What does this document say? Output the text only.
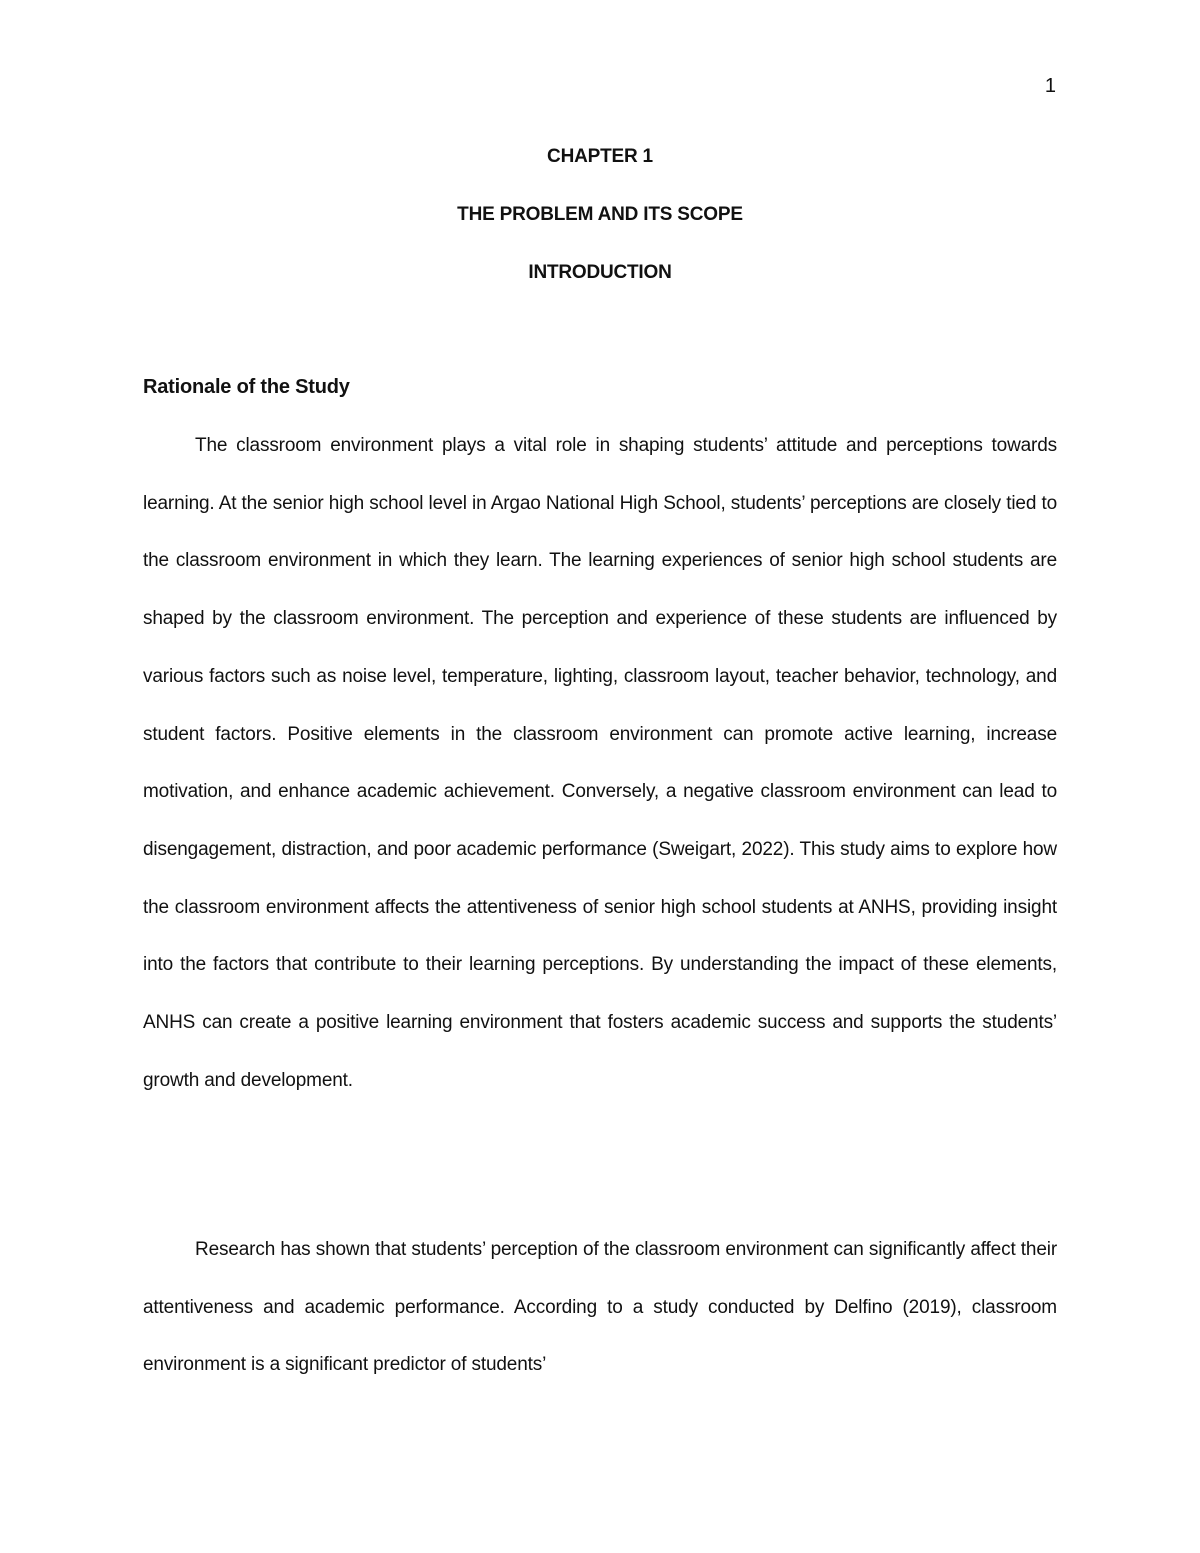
1
CHAPTER 1
THE PROBLEM AND ITS SCOPE
INTRODUCTION
Rationale of the Study

The classroom environment plays a vital role in shaping students’ attitude and perceptions towards learning. At the senior high school level in Argao National High School, students’ perceptions are closely tied to the classroom environment in which they learn. The learning experiences of senior high school students are shaped by the classroom environment. The perception and experience of these students are influenced by various factors such as noise level, temperature, lighting, classroom layout, teacher behavior, technology, and student factors. Positive elements in the classroom environment can promote active learning, increase motivation, and enhance academic achievement. Conversely, a negative classroom environment can lead to disengagement, distraction, and poor academic performance (Sweigart, 2022). This study aims to explore how the classroom environment affects the attentiveness of senior high school students at ANHS, providing insight into the factors that contribute to their learning perceptions. By understanding the impact of these elements, ANHS can create a positive learning environment that fosters academic success and supports the students’ growth and development.

Research has shown that students’ perception of the classroom environment can significantly affect their attentiveness and academic performance. According to a study conducted by Delfino (2019), classroom environment is a significant predictor of students’
